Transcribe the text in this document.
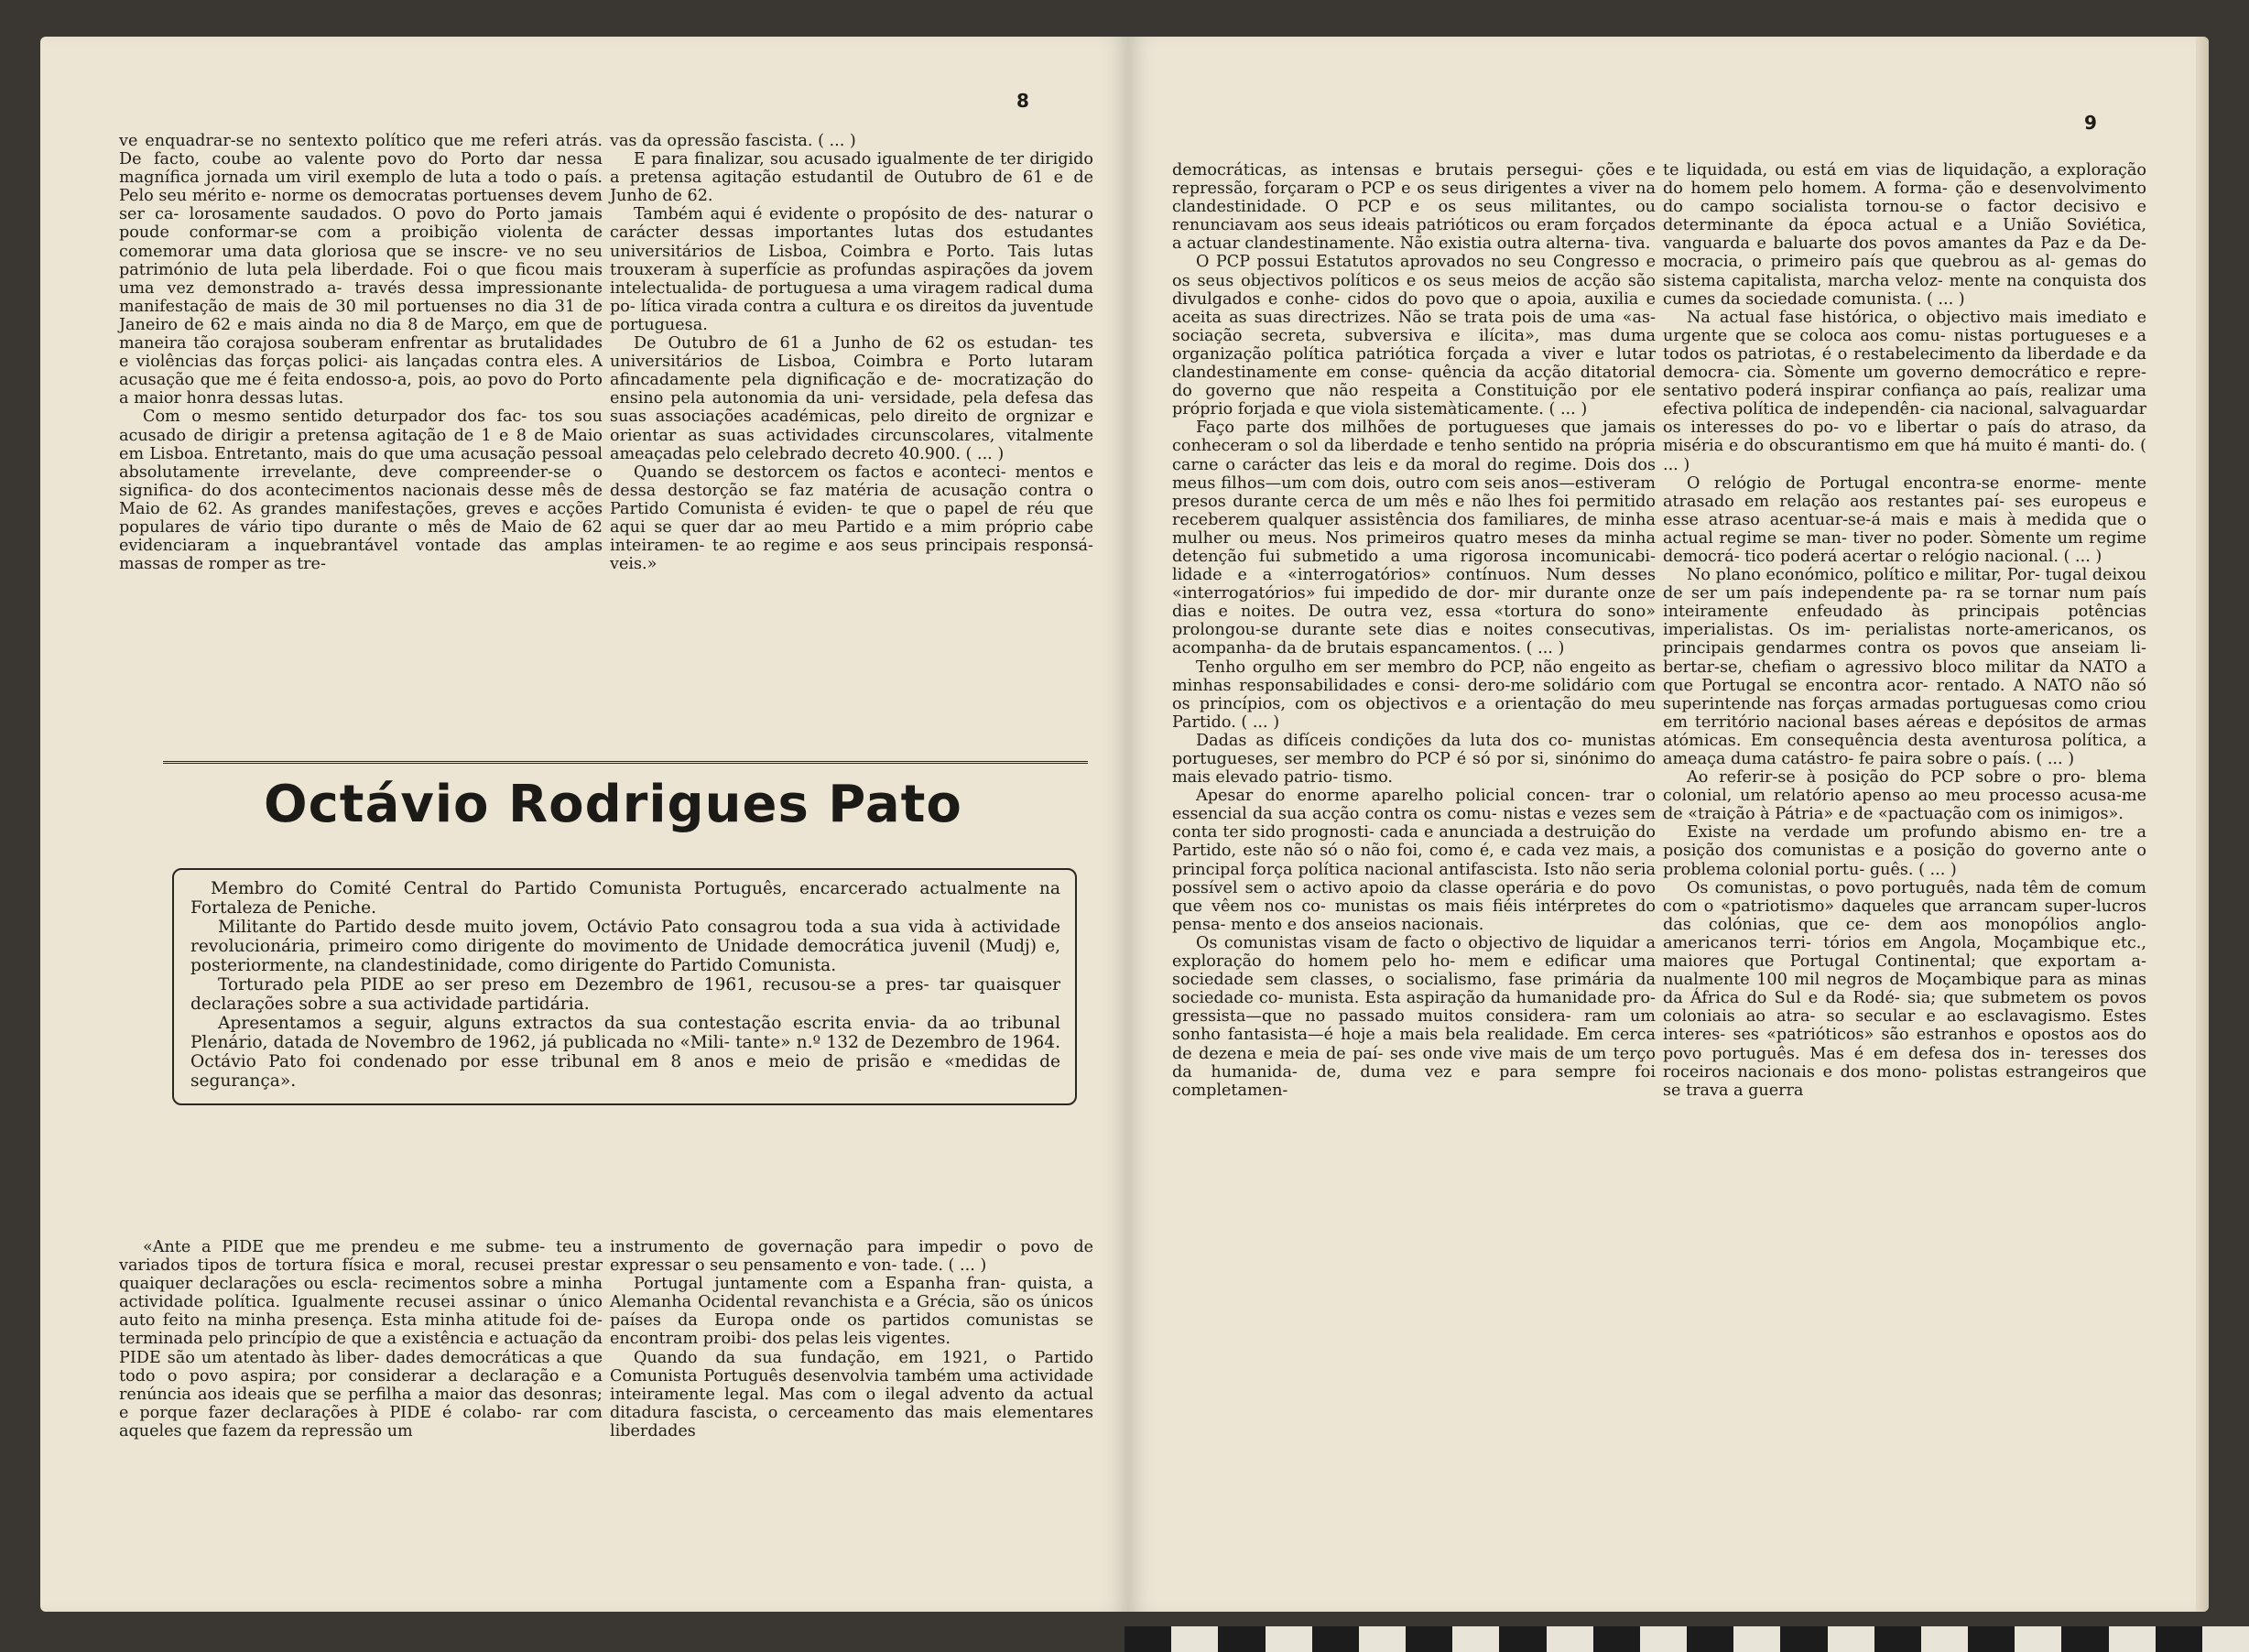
8

ve enquadrar-se no sentexto político que me referi atrás. De facto, coube ao valente povo do Porto dar nessa magnífica jornada um viril exemplo de luta a todo o país. Pelo seu mérito e- norme os democratas portuenses devem ser ca- lorosamente saudados. O povo do Porto jamais poude conformar-se com a proibição violenta de comemorar uma data gloriosa que se inscre- ve no seu património de luta pela liberdade. Foi o que ficou mais uma vez demonstrado a- través dessa impressionante manifestação de mais de 30 mil portuenses no dia 31 de Janeiro de 62 e mais ainda no dia 8 de Março, em que de maneira tão corajosa souberam enfrentar as brutalidades e violências das forças polici- ais lançadas contra eles. A acusação que me é feita endosso-a, pois, ao povo do Porto a maior honra dessas lutas.

Com o mesmo sentido deturpador dos fac- tos sou acusado de dirigir a pretensa agitação de 1 e 8 de Maio em Lisboa. Entretanto, mais do que uma acusação pessoal absolutamente irrevelante, deve compreender-se o significa- do dos acontecimentos nacionais desse mês de Maio de 62. As grandes manifestações, greves e acções populares de vário tipo durante o mês de Maio de 62 evidenciaram a inquebrantável vontade das amplas massas de romper as tre-

vas da opressão fascista. ( ... )

E para finalizar, sou acusado igualmente de ter dirigido a pretensa agitação estudantil de Outubro de 61 e de Junho de 62.

Também aqui é evidente o propósito de des- naturar o carácter dessas importantes lutas dos estudantes universitários de Lisboa, Coimbra e Porto. Tais lutas trouxeram à superfície as profundas aspirações da jovem intelectualida- de portuguesa a uma viragem radical duma po- lítica virada contra a cultura e os direitos da juventude portuguesa.

De Outubro de 61 a Junho de 62 os estudan- tes universitários de Lisboa, Coimbra e Porto lutaram afincadamente pela dignificação e de- mocratização do ensino pela autonomia da uni- versidade, pela defesa das suas associações académicas, pelo direito de orgnizar e orientar as suas actividades circunscolares, vitalmente ameaçadas pelo celebrado decreto 40.900. ( ... )

Quando se destorcem os factos e aconteci- mentos e dessa destorção se faz matéria de acusação contra o Partido Comunista é eviden- te que o papel de réu que aqui se quer dar ao meu Partido e a mim próprio cabe inteiramen- te ao regime e aos seus principais responsá- veis.»

Octávio Rodrigues Pato

Membro do Comité Central do Partido Comunista Português, encarcerado actualmente na Fortaleza de Peniche.

Militante do Partido desde muito jovem, Octávio Pato consagrou toda a sua vida à actividade revolucionária, primeiro como dirigente do movimento de Unidade democrática juvenil (Mudj) e, posteriormente, na clandestinidade, como dirigente do Partido Comunista.

Torturado pela PIDE ao ser preso em Dezembro de 1961, recusou-se a pres- tar quaisquer declarações sobre a sua actividade partidária.

Apresentamos a seguir, alguns extractos da sua contestação escrita envia- da ao tribunal Plenário, datada de Novembro de 1962, já publicada no «Mili- tante» n.º 132 de Dezembro de 1964. Octávio Pato foi condenado por esse tribunal em 8 anos e meio de prisão e «medidas de segurança».

«Ante a PIDE que me prendeu e me subme- teu a variados tipos de tortura física e moral, recusei prestar quaiquer declarações ou escla- recimentos sobre a minha actividade política. Igualmente recusei assinar o único auto feito na minha presença. Esta minha atitude foi de- terminada pelo princípio de que a existência e actuação da PIDE são um atentado às liber- dades democráticas a que todo o povo aspira; por considerar a declaração e a renúncia aos ideais que se perfilha a maior das desonras; e porque fazer declarações à PIDE é colabo- rar com aqueles que fazem da repressão um

instrumento de governação para impedir o povo de expressar o seu pensamento e von- tade. ( ... )

Portugal juntamente com a Espanha fran- quista, a Alemanha Ocidental revanchista e a Grécia, são os únicos países da Europa onde os partidos comunistas se encontram proibi- dos pelas leis vigentes.

Quando da sua fundação, em 1921, o Partido Comunista Português desenvolvia também uma actividade inteiramente legal. Mas com o ilegal advento da actual ditadura fascista, o cerceamento das mais elementares liberdades

9

democráticas, as intensas e brutais persegui- ções e repressão, forçaram o PCP e os seus dirigentes a viver na clandestinidade. O PCP e os seus militantes, ou renunciavam aos seus ideais patrióticos ou eram forçados a actuar clandestinamente. Não existia outra alterna- tiva.

O PCP possui Estatutos aprovados no seu Congresso e os seus objectivos políticos e os seus meios de acção são divulgados e conhe- cidos do povo que o apoia, auxilia e aceita as suas directrizes. Não se trata pois de uma «as- sociação secreta, subversiva e ilícita», mas duma organização política patriótica forçada a viver e lutar clandestinamente em conse- quência da acção ditatorial do governo que não respeita a Constituição por ele próprio forjada e que viola sistemàticamente. ( ... )

Faço parte dos milhões de portugueses que jamais conheceram o sol da liberdade e tenho sentido na própria carne o carácter das leis e da moral do regime. Dois dos meus filhos—um com dois, outro com seis anos—estiveram presos durante cerca de um mês e não lhes foi permitido receberem qualquer assistência dos familiares, de minha mulher ou meus. Nos primeiros quatro meses da minha detenção fui submetido a uma rigorosa incomunicabi- lidade e a «interrogatórios» contínuos. Num desses «interrogatórios» fui impedido de dor- mir durante onze dias e noites. De outra vez, essa «tortura do sono» prolongou-se durante sete dias e noites consecutivas, acompanha- da de brutais espancamentos. ( ... )

Tenho orgulho em ser membro do PCP, não engeito as minhas responsabilidades e consi- dero-me solidário com os princípios, com os objectivos e a orientação do meu Partido. ( ... )

Dadas as difíceis condições da luta dos co- munistas portugueses, ser membro do PCP é só por si, sinónimo do mais elevado patrio- tismo.

Apesar do enorme aparelho policial concen- trar o essencial da sua acção contra os comu- nistas e vezes sem conta ter sido prognosti- cada e anunciada a destruição do Partido, este não só o não foi, como é, e cada vez mais, a principal força política nacional antifascista. Isto não seria possível sem o activo apoio da classe operária e do povo que vêem nos co- munistas os mais fiéis intérpretes do pensa- mento e dos anseios nacionais.

Os comunistas visam de facto o objectivo de liquidar a exploração do homem pelo ho- mem e edificar uma sociedade sem classes, o socialismo, fase primária da sociedade co- munista. Esta aspiração da humanidade pro- gressista—que no passado muitos considera- ram um sonho fantasista—é hoje a mais bela realidade. Em cerca de dezena e meia de paí- ses onde vive mais de um terço da humanida- de, duma vez e para sempre foi completamen-

te liquidada, ou está em vias de liquidação, a exploração do homem pelo homem. A forma- ção e desenvolvimento do campo socialista tornou-se o factor decisivo e determinante da época actual e a União Soviética, vanguarda e baluarte dos povos amantes da Paz e da De- mocracia, o primeiro país que quebrou as al- gemas do sistema capitalista, marcha veloz- mente na conquista dos cumes da sociedade comunista. ( ... )

Na actual fase histórica, o objectivo mais imediato e urgente que se coloca aos comu- nistas portugueses e a todos os patriotas, é o restabelecimento da liberdade e da democra- cia. Sòmente um governo democrático e repre- sentativo poderá inspirar confiança ao país, realizar uma efectiva política de independên- cia nacional, salvaguardar os interesses do po- vo e libertar o país do atraso, da miséria e do obscurantismo em que há muito é manti- do. ( ... )

O relógio de Portugal encontra-se enorme- mente atrasado em relação aos restantes paí- ses europeus e esse atraso acentuar-se-á mais e mais à medida que o actual regime se man- tiver no poder. Sòmente um regime democrá- tico poderá acertar o relógio nacional. ( ... )

No plano económico, político e militar, Por- tugal deixou de ser um país independente pa- ra se tornar num país inteiramente enfeudado às principais potências imperialistas. Os im- perialistas norte-americanos, os principais gendarmes contra os povos que anseiam li- bertar-se, chefiam o agressivo bloco militar da NATO a que Portugal se encontra acor- rentado. A NATO não só superintende nas forças armadas portuguesas como criou em território nacional bases aéreas e depósitos de armas atómicas. Em consequência desta aventurosa política, a ameaça duma catástro- fe paira sobre o país. ( ... )

Ao referir-se à posição do PCP sobre o pro- blema colonial, um relatório apenso ao meu processo acusa-me de «traição à Pátria» e de «pactuação com os inimigos».

Existe na verdade um profundo abismo en- tre a posição dos comunistas e a posição do governo ante o problema colonial portu- guês. ( ... )

Os comunistas, o povo português, nada têm de comum com o «patriotismo» daqueles que arrancam super-lucros das colónias, que ce- dem aos monopólios anglo-americanos terri- tórios em Angola, Moçambique etc., maiores que Portugal Continental; que exportam a- nualmente 100 mil negros de Moçambique para as minas da África do Sul e da Rodé- sia; que submetem os povos coloniais ao atra- so secular e ao esclavagismo. Estes interes- ses «patrióticos» são estranhos e opostos aos do povo português. Mas é em defesa dos in- teresses dos roceiros nacionais e dos mono- polistas estrangeiros que se trava a guerra
